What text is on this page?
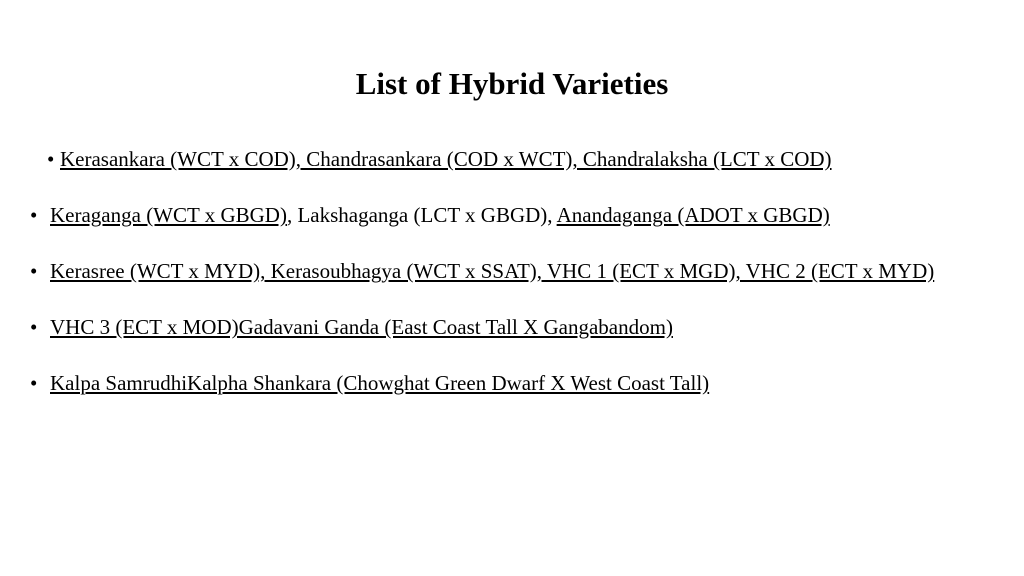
List of Hybrid Varieties
• Kerasankara (WCT x COD), Chandrasankara (COD x WCT), Chandralaksha (LCT x COD)
• Keraganga (WCT x GBGD), Lakshaganga (LCT x GBGD), Anandaganga (ADOT x GBGD)
• Kerasree (WCT x MYD), Kerasoubhagya (WCT x SSAT), VHC 1 (ECT x MGD), VHC 2 (ECT x MYD)
• VHC 3 (ECT x MOD)Gadavani Ganda (East Coast Tall X Gangabandom)
• Kalpa SamrudhiKalpha Shankara (Chowghat Green Dwarf X West Coast Tall)
